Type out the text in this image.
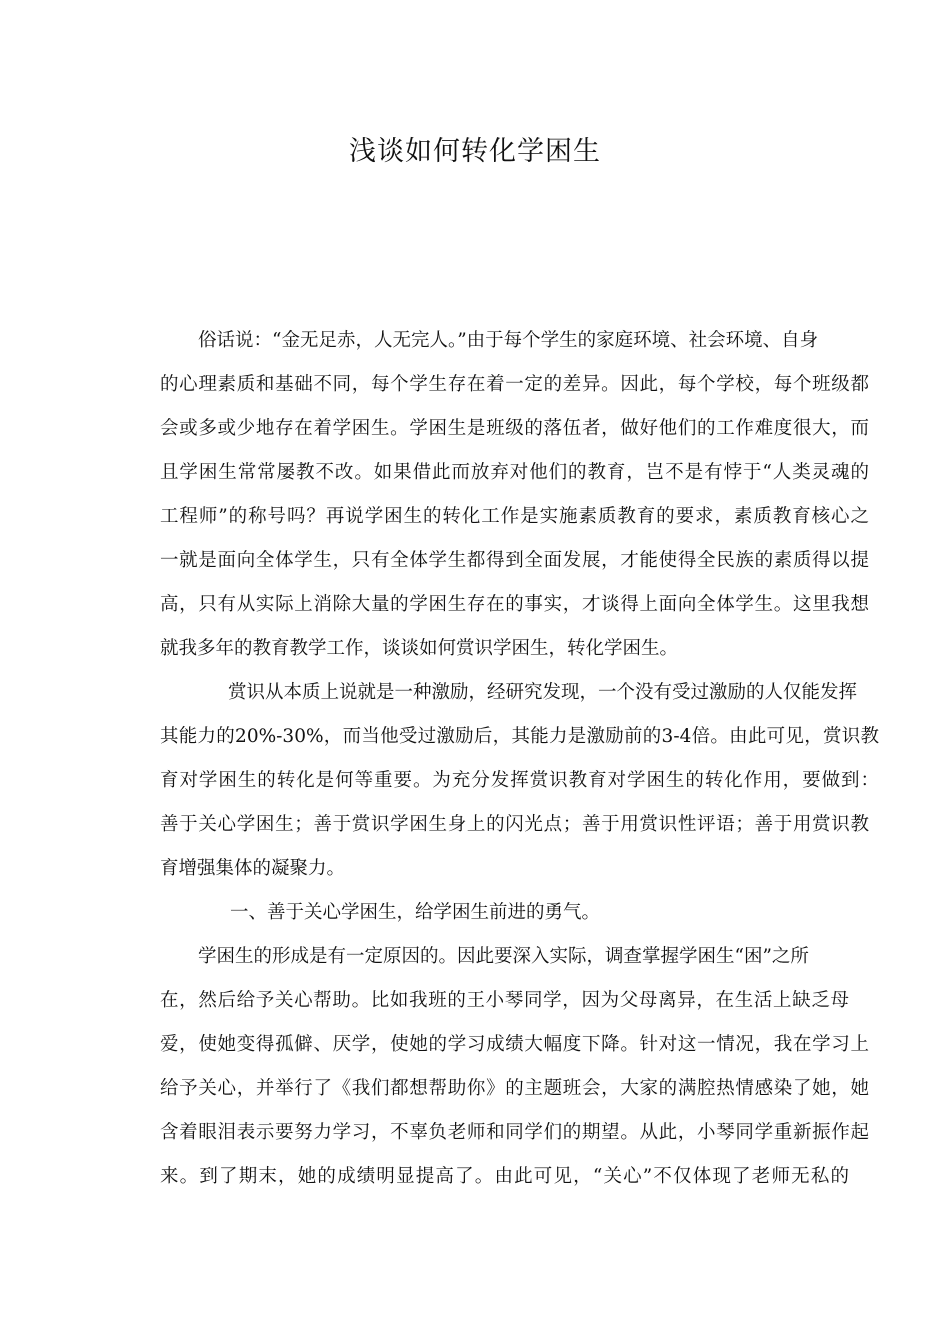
浅谈如何转化学困生
俗话说：“金无足赤，人无完人。”由于每个学生的家庭环境、社会环境、自身
的心理素质和基础不同，每个学生存在着一定的差异。因此，每个学校，每个班级都
会或多或少地存在着学困生。学困生是班级的落伍者，做好他们的工作难度很大，而
且学困生常常屡教不改。如果借此而放弃对他们的教育，岂不是有悖于“人类灵魂的
工程师”的称号吗？再说学困生的转化工作是实施素质教育的要求，素质教育核心之
一就是面向全体学生，只有全体学生都得到全面发展，才能使得全民族的素质得以提
高，只有从实际上消除大量的学困生存在的事实，才谈得上面向全体学生。这里我想
就我多年的教育教学工作，谈谈如何赏识学困生，转化学困生。
赏识从本质上说就是一种激励，经研究发现，一个没有受过激励的人仅能发挥
其能力的20%-30%，而当他受过激励后，其能力是激励前的3-4倍。由此可见，赏识教
育对学困生的转化是何等重要。为充分发挥赏识教育对学困生的转化作用，要做到：
善于关心学困生；善于赏识学困生身上的闪光点；善于用赏识性评语；善于用赏识教
育增强集体的凝聚力。
一、善于关心学困生，给学困生前进的勇气。
学困生的形成是有一定原因的。因此要深入实际，调查掌握学困生“困”之所
在，然后给予关心帮助。比如我班的王小琴同学，因为父母离异，在生活上缺乏母
爱，使她变得孤僻、厌学，使她的学习成绩大幅度下降。针对这一情况，我在学习上
给予关心，并举行了《我们都想帮助你》的主题班会，大家的满腔热情感染了她，她
含着眼泪表示要努力学习，不辜负老师和同学们的期望。从此，小琴同学重新振作起
来。到了期末，她的成绩明显提高了。由此可见，“关心”不仅体现了老师无私的
